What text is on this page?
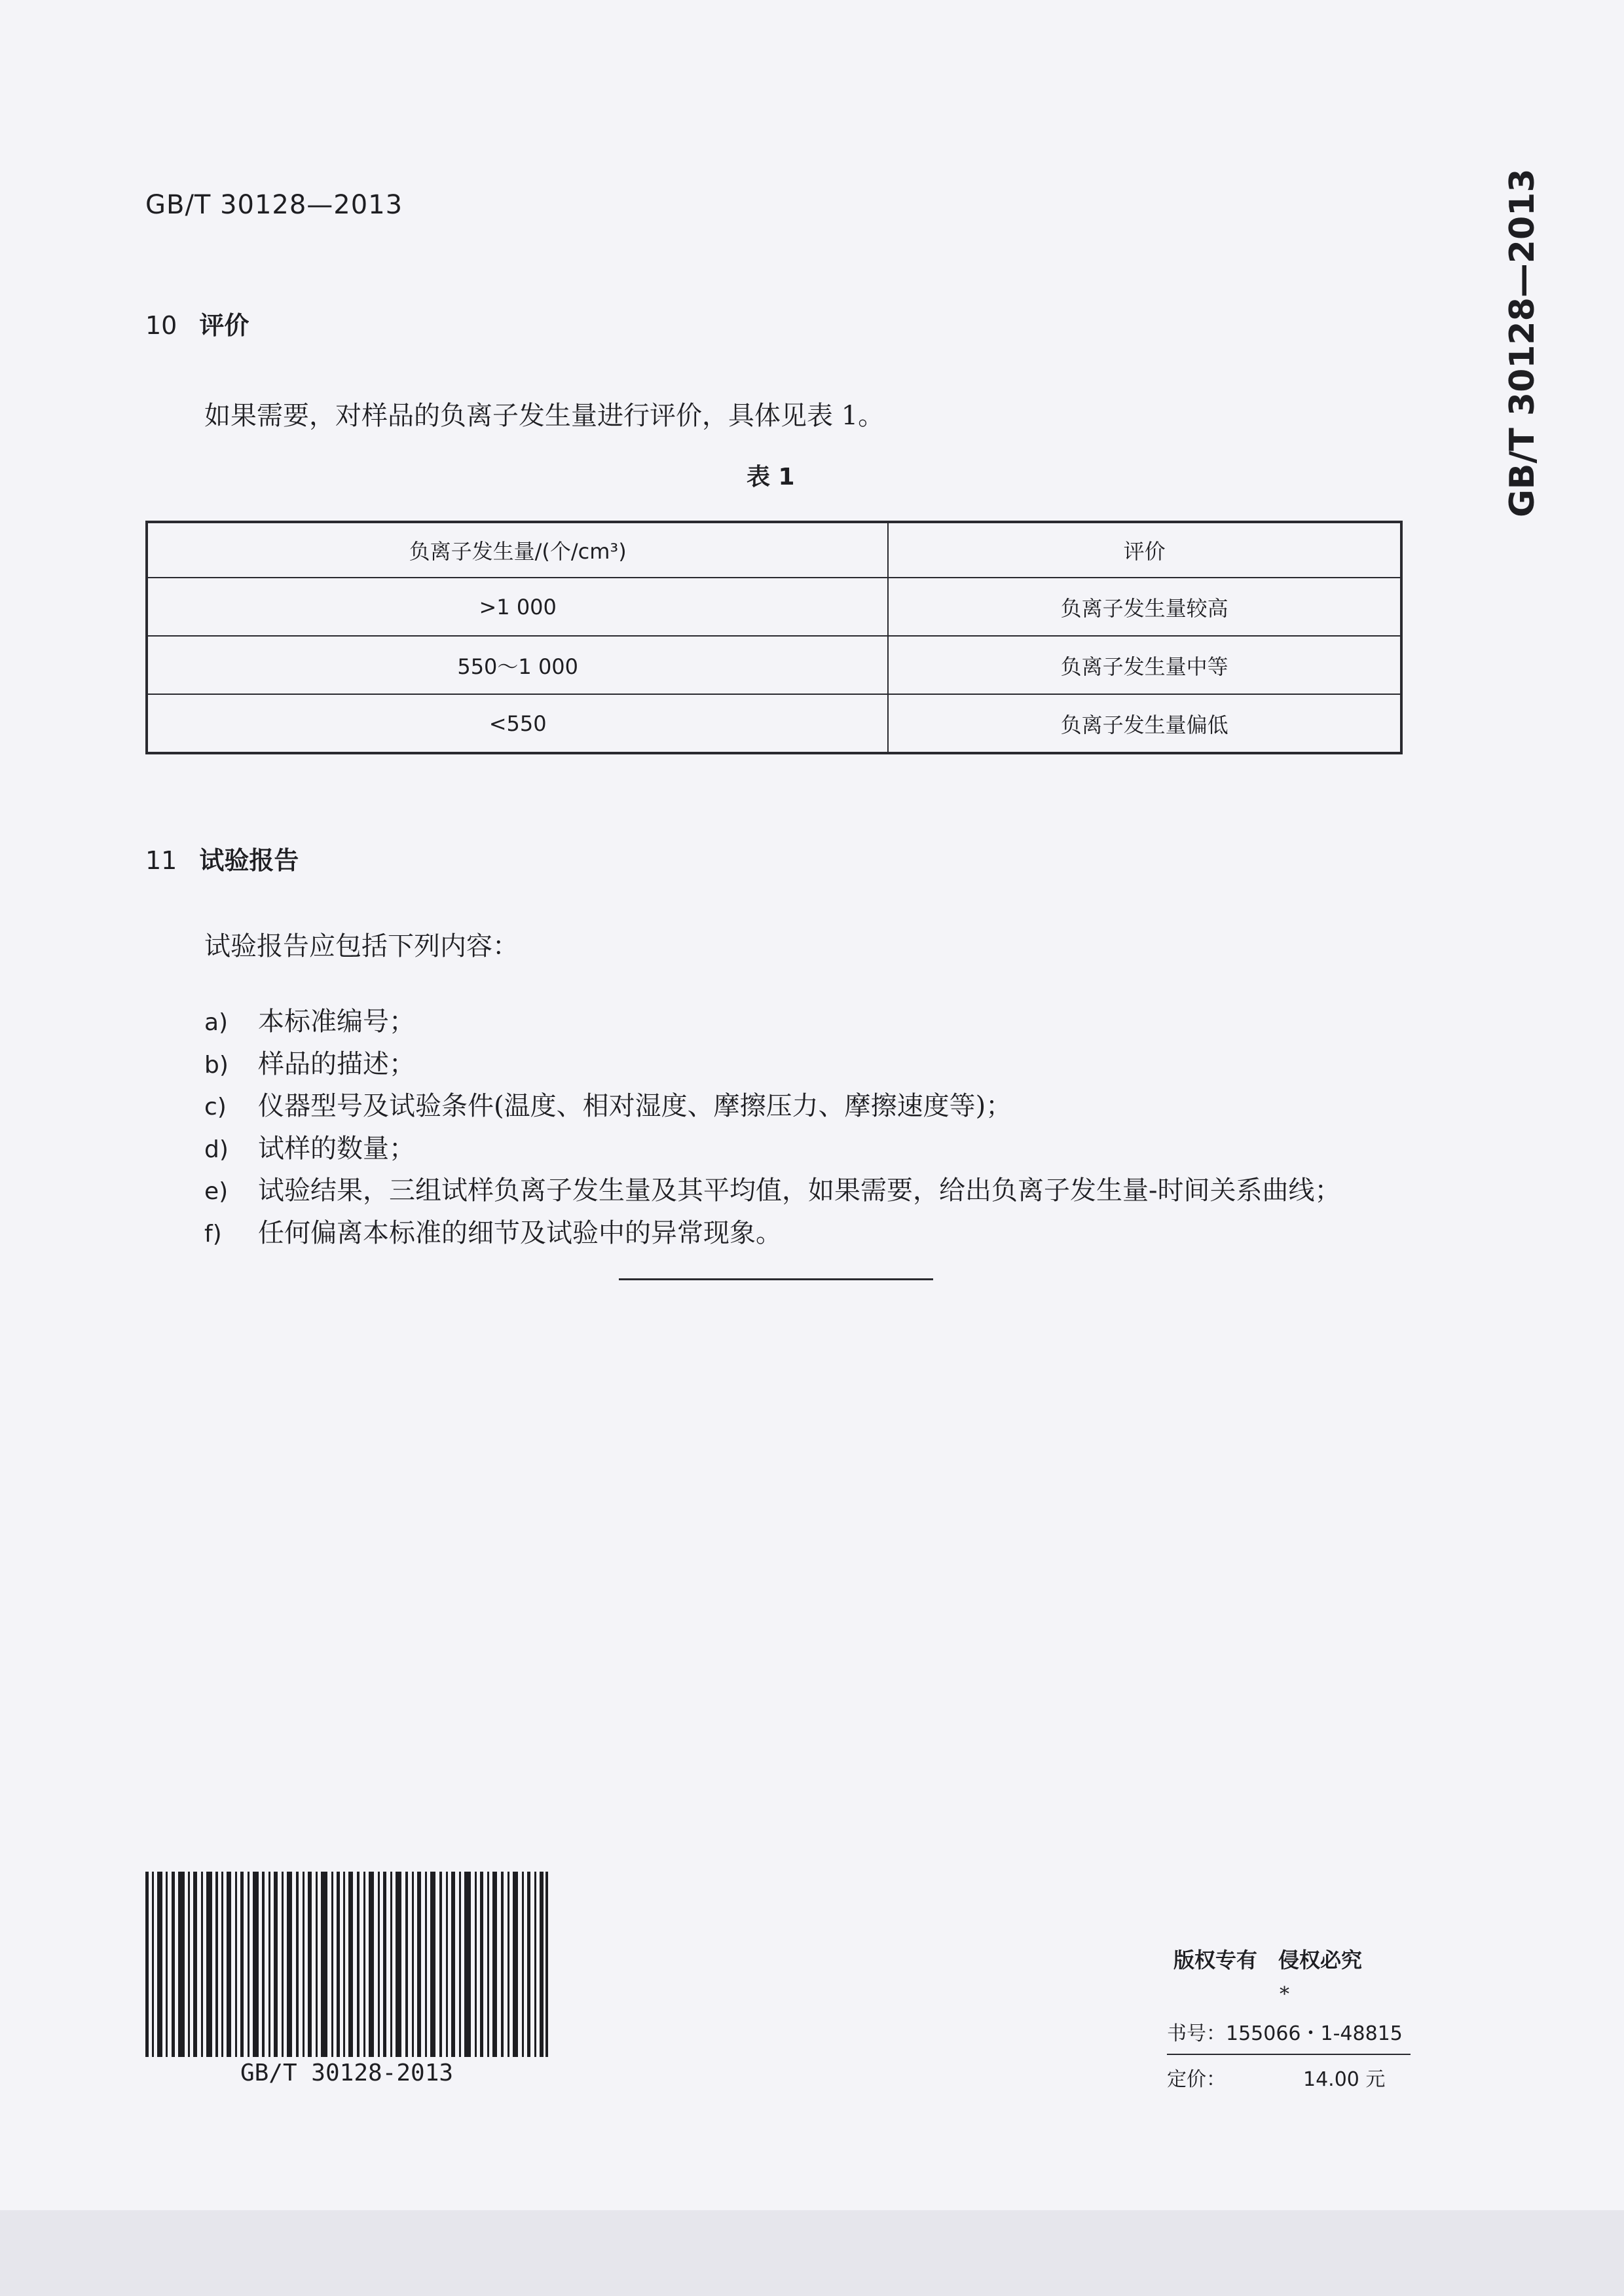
GB/T 30128—2013	GB/T 30128—2013
10 评价
如果需要，对样品的负离子发生量进行评价，具体见表 1。
表 1
负离子发生量/(个/cm³)	评价
>1 000	负离子发生量较高
550～1 000	负离子发生量中等
<550	负离子发生量偏低
11 试验报告
试验报告应包括下列内容：
a) 本标准编号；
b) 样品的描述；
c) 仪器型号及试验条件(温度、相对湿度、摩擦压力、摩擦速度等)；
d) 试样的数量；
e) 试验结果，三组试样负离子发生量及其平均值，如果需要，给出负离子发生量-时间关系曲线；
f) 任何偏离本标准的细节及试验中的异常现象。
GB/T 30128-2013
版权专有　侵权必究
*
书号：155066・1-48815
定价：	14.00 元
